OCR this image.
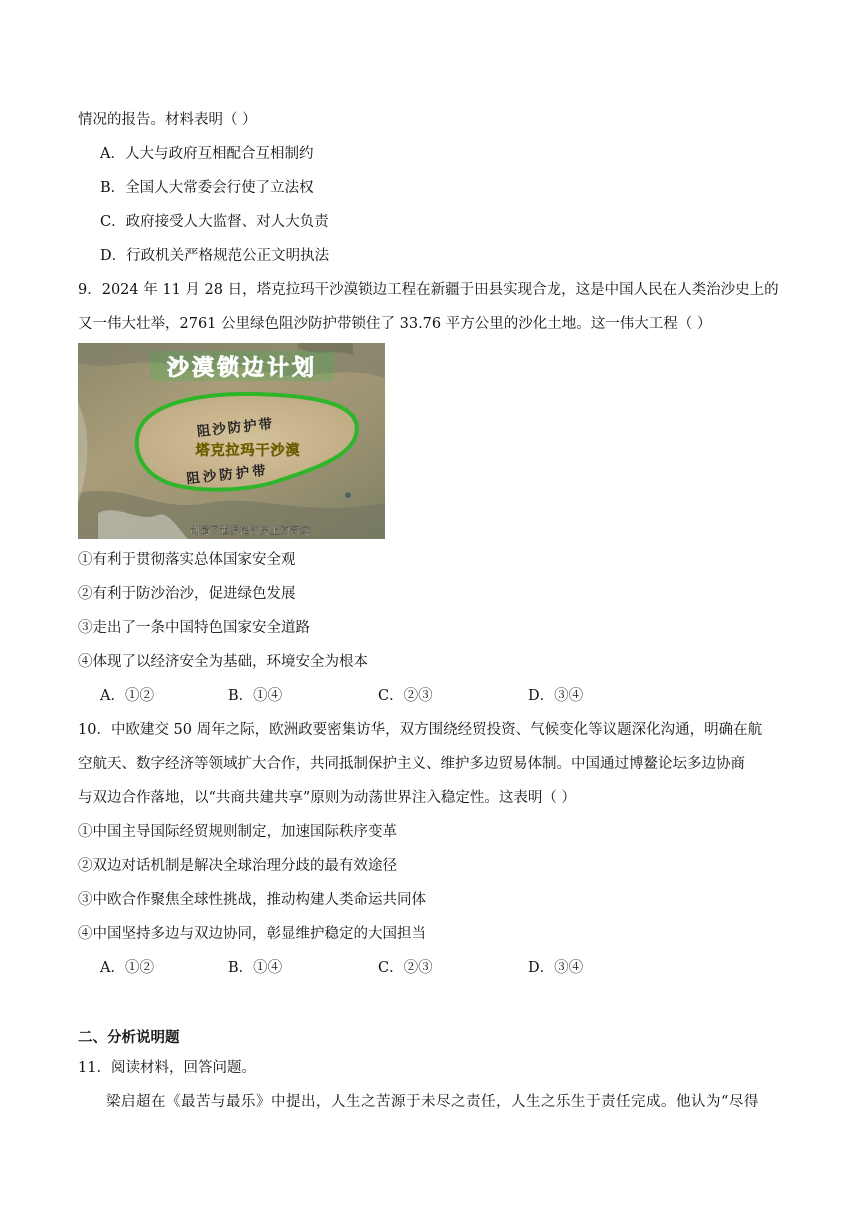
情况的报告。材料表明（ ）
A．人大与政府互相配合互相制约
B．全国人大常委会行使了立法权
C．政府接受人大监督、对人大负责
D．行政机关严格规范公正文明执法
9．2024 年 11 月 28 日，塔克拉玛干沙漠锁边工程在新疆于田县实现合龙，这是中国人民在人类治沙史上的
又一伟大壮举，2761 公里绿色阻沙防护带锁住了 33.76 平方公里的沙化土地。这一伟大工程（ ）
沙漠锁边计划
阻沙防护带
塔克拉玛干沙漠
阻沙防护带
创造了世界治沙史上的奇迹
①有利于贯彻落实总体国家安全观
②有利于防沙治沙，促进绿色发展
③走出了一条中国特色国家安全道路
④体现了以经济安全为基础，环境安全为根本
A．①②	B．①④	C．②③	D．③④
10．中欧建交 50 周年之际，欧洲政要密集访华，双方围绕经贸投资、气候变化等议题深化沟通，明确在航
空航天、数字经济等领域扩大合作，共同抵制保护主义、维护多边贸易体制。中国通过博鳌论坛多边协商
与双边合作落地，以“共商共建共享”原则为动荡世界注入稳定性。这表明（ ）
①中国主导国际经贸规则制定，加速国际秩序变革
②双边对话机制是解决全球治理分歧的最有效途径
③中欧合作聚焦全球性挑战，推动构建人类命运共同体
④中国坚持多边与双边协同，彰显维护稳定的大国担当
A．①②	B．①④	C．②③	D．③④
二、分析说明题
11．阅读材料，回答问题。
梁启超在《最苦与最乐》中提出，人生之苦源于未尽之责任，人生之乐生于责任完成。他认为“尽得
